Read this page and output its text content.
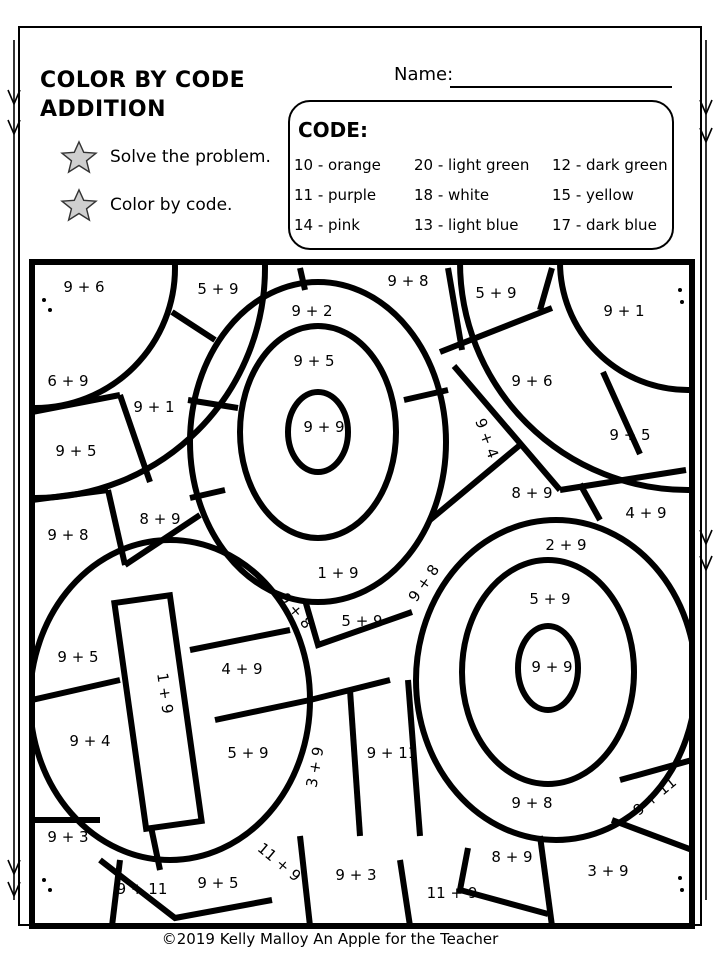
COLOR BY CODE
ADDITION
Name:
Solve the problem.
Color by code.
CODE:
10 - orange 20 - light green 12 - dark green
11 - purple	18 - white	15 - yellow
14 - pink	13 - light blue 17 - dark blue
9 + 6	5 + 9	9 + 8
5 + 9
9 + 1
9 + 2
9 + 5
9 + 9
6 + 9
9 + 1
9 + 5
9 + 6
9 + 4	9 + 5
8 + 9
9 + 8
8 + 9	4 + 9
1 + 9
2 + 9
9 + 8	5 + 9
9 + 8 5 + 9
9 + 5
1 + 9
4 + 9	9 + 9
9 + 4
5 + 9 3 + 9	9 + 11
9 + 8	9 + 11
9 + 3
11 + 9	8 + 9
9 + 11 9 + 5	9 + 3
11 + 9
3 + 9
©2019 Kelly Malloy An Apple for the Teacher
